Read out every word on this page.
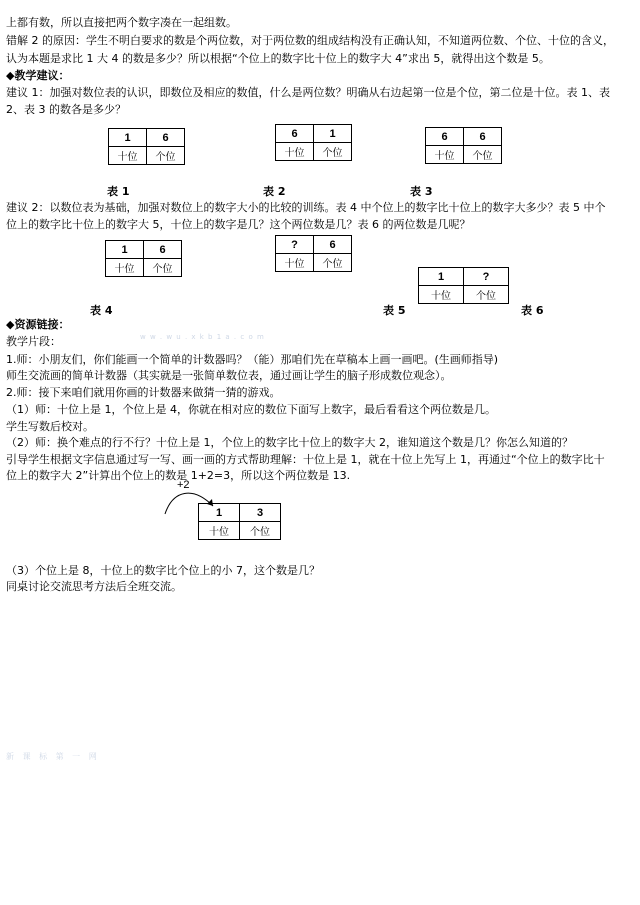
上都有数，所以直接把两个数字凑在一起组数。
错解 2 的原因：学生不明白要求的数是个两位数，对于两位数的组成结构没有正确认知，不知道两位数、个位、十位的含义，
认为本题是求比 1 大 4 的数是多少？所以根据“个位上的数字比十位上的数字大 4”求出 5，就得出这个数是 5。
◆教学建议：
建议 1：加强对数位表的认识，即数位及相应的数值，什么是两位数？明确从右边起第一位是个位，第二位是十位。表 1、表
2、表 3 的数各是多少？
1	6
十位	个位
6	1
十位	个位
6	6
十位	个位
表 1	表 2	表 3
建议 2：以数位表为基础，加强对数位上的数字大小的比较的训练。表 4 中个位上的数字比十位上的数字大多少？表 5 中个
位上的数字比十位上的数字大 5，十位上的数字是几？这个两位数是几？表 6 的两位数是几呢？
1	6
十位	个位
?	6
十位	个位
1	?
十位	个位
表 4	表 5	表 6
◆资源链接：
w w . w u . x k b 1 a . c o m
教学片段：
1.师：小朋友们，你们能画一个简单的计数器吗？（能）那咱们先在草稿本上画一画吧。(生画师指导)
师生交流画的简单计数器（其实就是一张简单数位表，通过画让学生的脑子形成数位观念）。
2.师：接下来咱们就用你画的计数器来做猜一猜的游戏。
（1）师：十位上是 1，个位上是 4，你就在相对应的数位下面写上数字，最后看看这个两位数是几。
学生写数后校对。
（2）师：换个难点的行不行？十位上是 1，个位上的数字比十位上的数字大 2，谁知道这个数是几？你怎么知道的？
引导学生根据文字信息通过写一写、画一画的方式帮助理解：十位上是 1，就在十位上先写上 1，再通过“个位上的数字比十
位上的数字大 2”计算出个位上的数是 1+2=3，所以这个两位数是 13.
+2
1	3
十位	个位
（3）个位上是 8，十位上的数字比个位上的小 7，这个数是几？
同桌讨论交流思考方法后全班交流。
新 课 标 第 一 网
